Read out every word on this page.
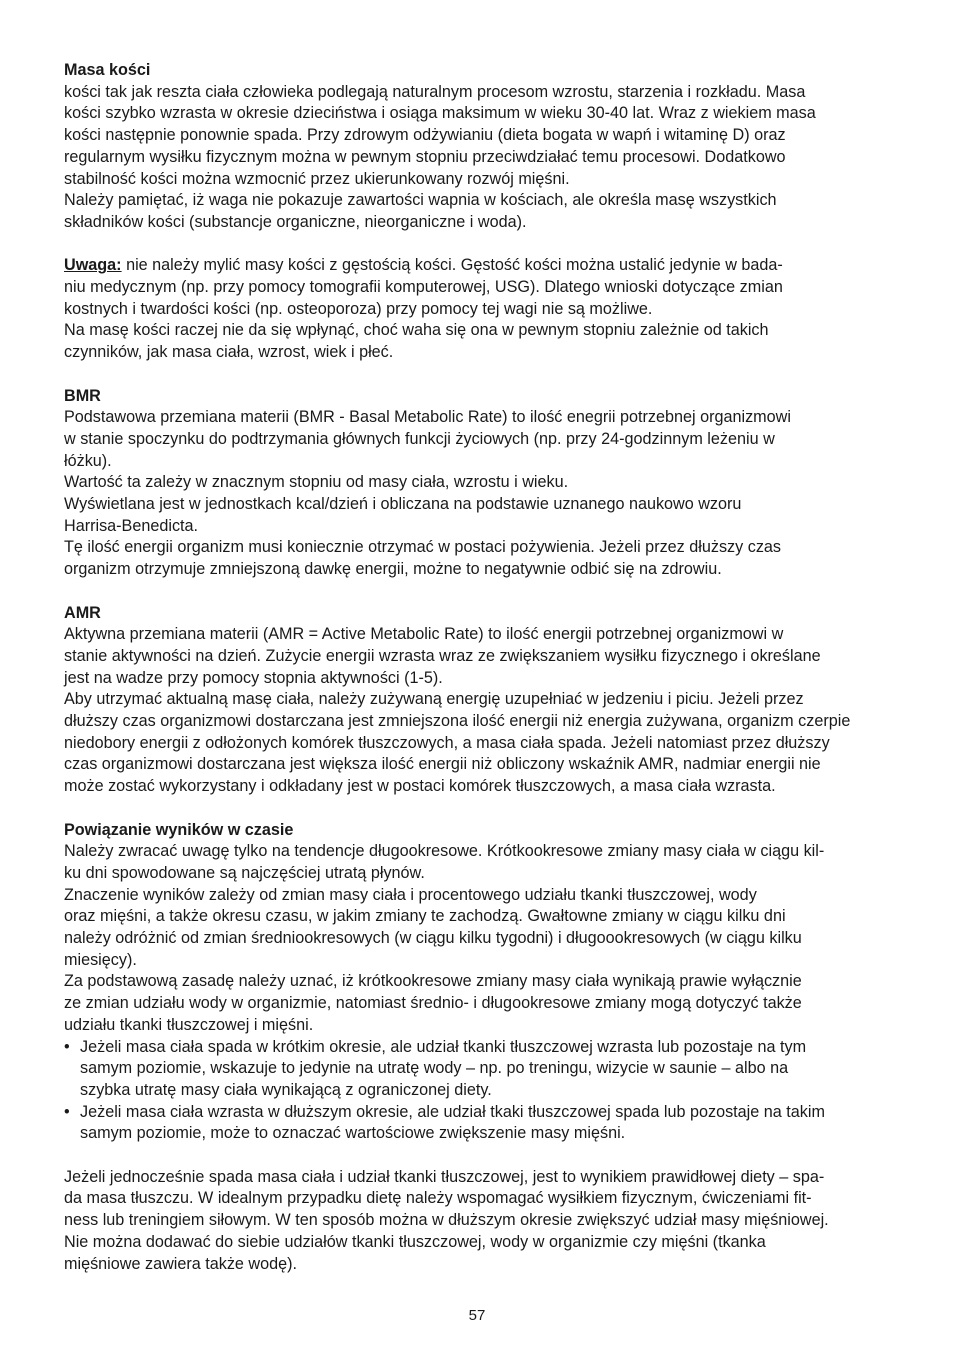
Masa kości

kości tak jak reszta ciała człowieka podlegają naturalnym procesom wzrostu, starzenia i rozkładu. Masa
kości szybko wzrasta w okresie dzieciństwa i osiąga maksimum w wieku 30-40 lat. Wraz z wiekiem masa
kości następnie ponownie spada. Przy zdrowym odżywianiu (dieta bogata w wapń i witaminę D) oraz
regularnym wysiłku fizycznym można w pewnym stopniu przeciwdziałać temu procesowi. Dodatkowo
stabilność kości można wzmocnić przez ukierunkowany rozwój mięśni.
Należy pamiętać, iż waga nie pokazuje zawartości wapnia w kościach, ale określa masę wszystkich
składników kości (substancje organiczne, nieorganiczne i woda).

Uwaga: nie należy mylić masy kości z gęstością kości. Gęstość kości można ustalić jedynie w bada-
niu medycznym (np. przy pomocy tomografii komputerowej, USG). Dlatego wnioski dotyczące zmian
kostnych i twardości kości (np. osteoporoza) przy pomocy tej wagi nie są możliwe.
Na masę kości raczej nie da się wpłynąć, choć waha się ona w pewnym stopniu zależnie od takich
czynników, jak masa ciała, wzrost, wiek i płeć.

BMR

Podstawowa przemiana materii (BMR - Basal Metabolic Rate) to ilość enegrii potrzebnej organizmowi
w stanie spoczynku do podtrzymania głównych funkcji życiowych (np. przy 24-godzinnym leżeniu w
łóżku).
Wartość ta zależy w znacznym stopniu od masy ciała, wzrostu i wieku.
Wyświetlana jest w jednostkach kcal/dzień i obliczana na podstawie uznanego naukowo wzoru
Harrisa-Benedicta.
Tę ilość energii organizm musi koniecznie otrzymać w postaci pożywienia. Jeżeli przez dłuższy czas
organizm otrzymuje zmniejszoną dawkę energii, możne to negatywnie odbić się na zdrowiu.

AMR

Aktywna przemiana materii (AMR = Active Metabolic Rate) to ilość energii potrzebnej organizmowi w
stanie aktywności na dzień. Zużycie energii wzrasta wraz ze zwiększaniem wysiłku fizycznego i określane
jest na wadze przy pomocy stopnia aktywności (1-5).
Aby utrzymać aktualną masę ciała, należy zużywaną energię uzupełniać w jedzeniu i piciu. Jeżeli przez
dłuższy czas organizmowi dostarczana jest zmniejszona ilość energii niż energia zużywana, organizm czerpie
niedobory energii z odłożonych komórek tłuszczowych, a masa ciała spada. Jeżeli natomiast przez dłuższy
czas organizmowi dostarczana jest większa ilość energii niż obliczony wskaźnik AMR, nadmiar energii nie
może zostać wykorzystany i odkładany jest w postaci komórek tłuszczowych, a masa ciała wzrasta.

Powiązanie wyników w czasie

Należy zwracać uwagę tylko na tendencje długookresowe. Krótkookresowe zmiany masy ciała w ciągu kil-
ku dni spowodowane są najczęściej utratą płynów.
Znaczenie wyników zależy od zmian masy ciała i procentowego udziału tkanki tłuszczowej, wody
oraz mięśni, a także okresu czasu, w jakim zmiany te zachodzą. Gwałtowne zmiany w ciągu kilku dni
należy odróżnić od zmian średniookresowych (w ciągu kilku tygodni) i długoookresowych (w ciągu kilku
miesięcy).
Za podstawową zasadę należy uznać, iż krótkookresowe zmiany masy ciała wynikają prawie wyłącznie
ze zmian udziału wody w organizmie, natomiast średnio- i długookresowe zmiany mogą dotyczyć także
udziału tkanki tłuszczowej i mięśni.

• Jeżeli masa ciała spada w krótkim okresie, ale udział tkanki tłuszczowej wzrasta lub pozostaje na tym
samym poziomie, wskazuje to jedynie na utratę wody – np. po treningu, wizycie w saunie – albo na
szybka utratę masy ciała wynikającą z ograniczonej diety.
• Jeżeli masa ciała wzrasta w dłuższym okresie, ale udział tkaki tłuszczowej spada lub pozostaje na takim
samym poziomie, może to oznaczać wartościowe zwiększenie masy mięśni.

Jeżeli jednocześnie spada masa ciała i udział tkanki tłuszczowej, jest to wynikiem prawidłowej diety – spa-
da masa tłuszczu. W idealnym przypadku dietę należy wspomagać wysiłkiem fizycznym, ćwiczeniami fit-
ness lub treningiem siłowym. W ten sposób można w dłuższym okresie zwiększyć udział masy mięśniowej.
Nie można dodawać do siebie udziałów tkanki tłuszczowej, wody w organizmie czy mięśni (tkanka
mięśniowe zawiera także wodę).

57
